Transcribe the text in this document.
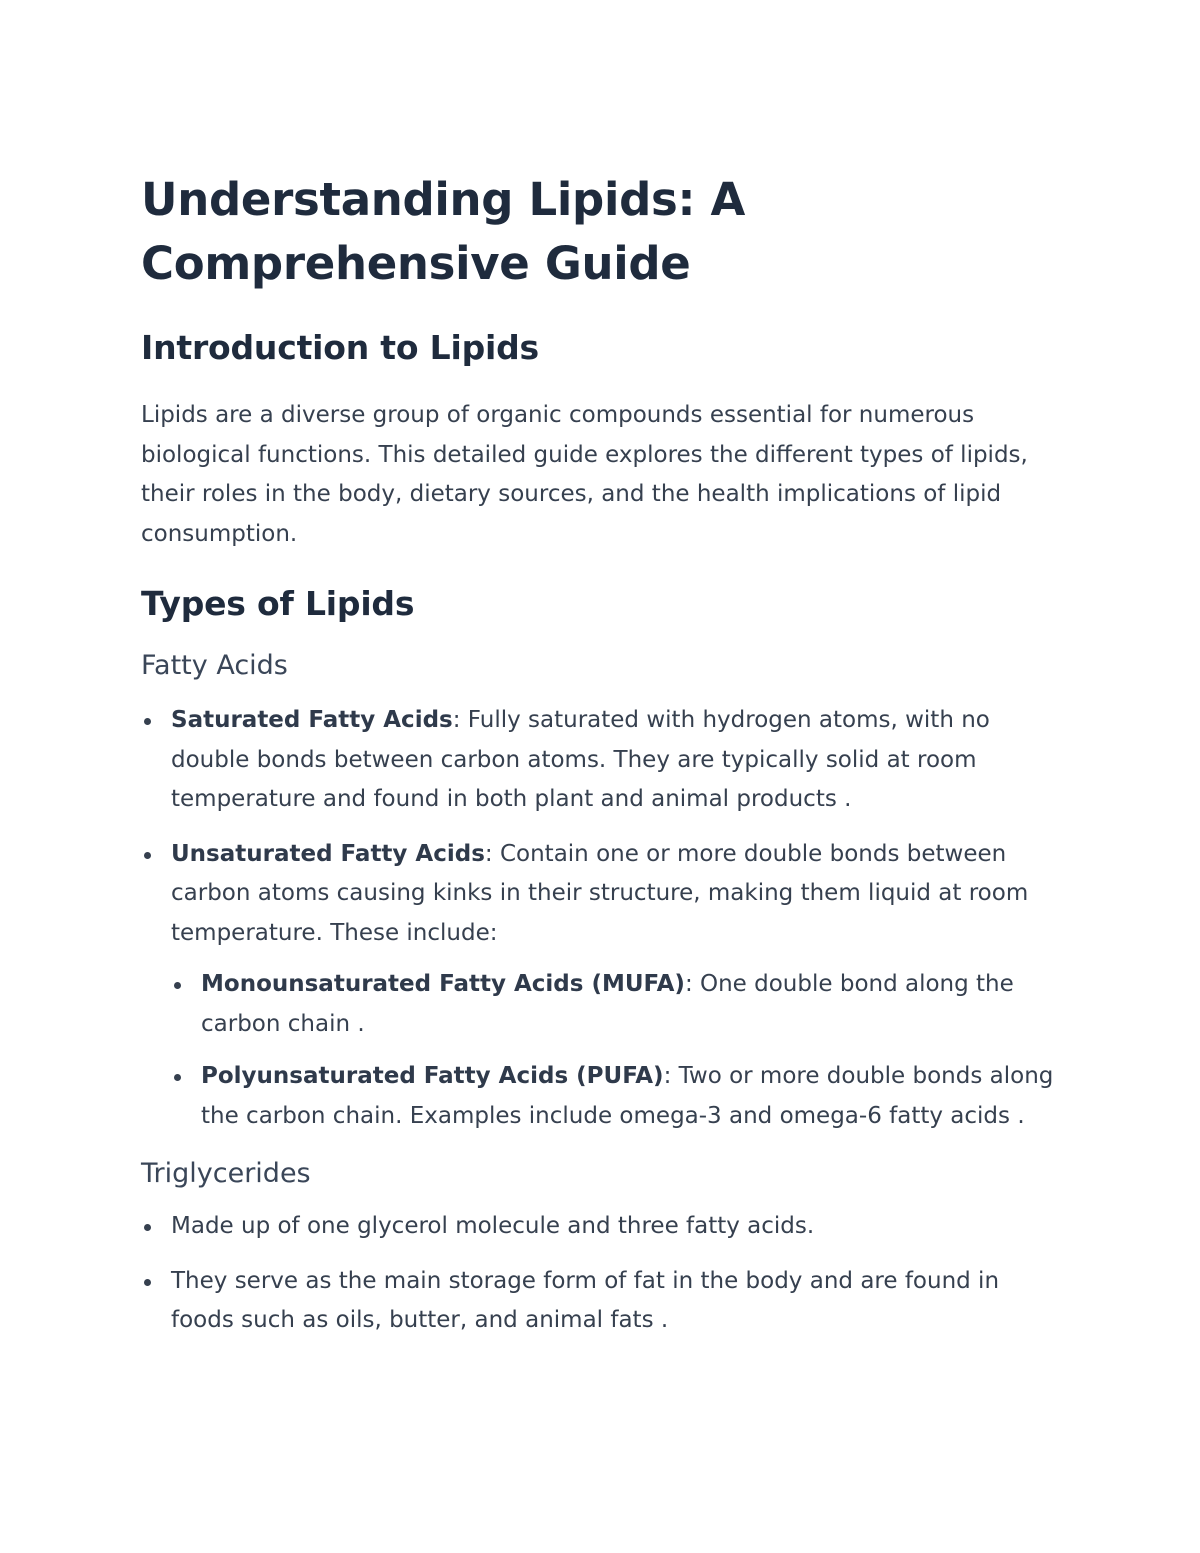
Understanding Lipids: A Comprehensive Guide
Introduction to Lipids

Lipids are a diverse group of organic compounds essential for numerous biological functions. This detailed guide explores the different types of lipids, their roles in the body, dietary sources, and the health implications of lipid consumption.

Types of Lipids
Fatty Acids
Saturated Fatty Acids: Fully saturated with hydrogen atoms, with no double bonds between carbon atoms. They are typically solid at room temperature and found in both plant and animal products .
Unsaturated Fatty Acids: Contain one or more double bonds between carbon atoms causing kinks in their structure, making them liquid at room temperature. These include:
Monounsaturated Fatty Acids (MUFA): One double bond along the carbon chain .
Polyunsaturated Fatty Acids (PUFA): Two or more double bonds along the carbon chain. Examples include omega-3 and omega-6 fatty acids .
Triglycerides
Made up of one glycerol molecule and three fatty acids.
They serve as the main storage form of fat in the body and are found in foods such as oils, butter, and animal fats .
